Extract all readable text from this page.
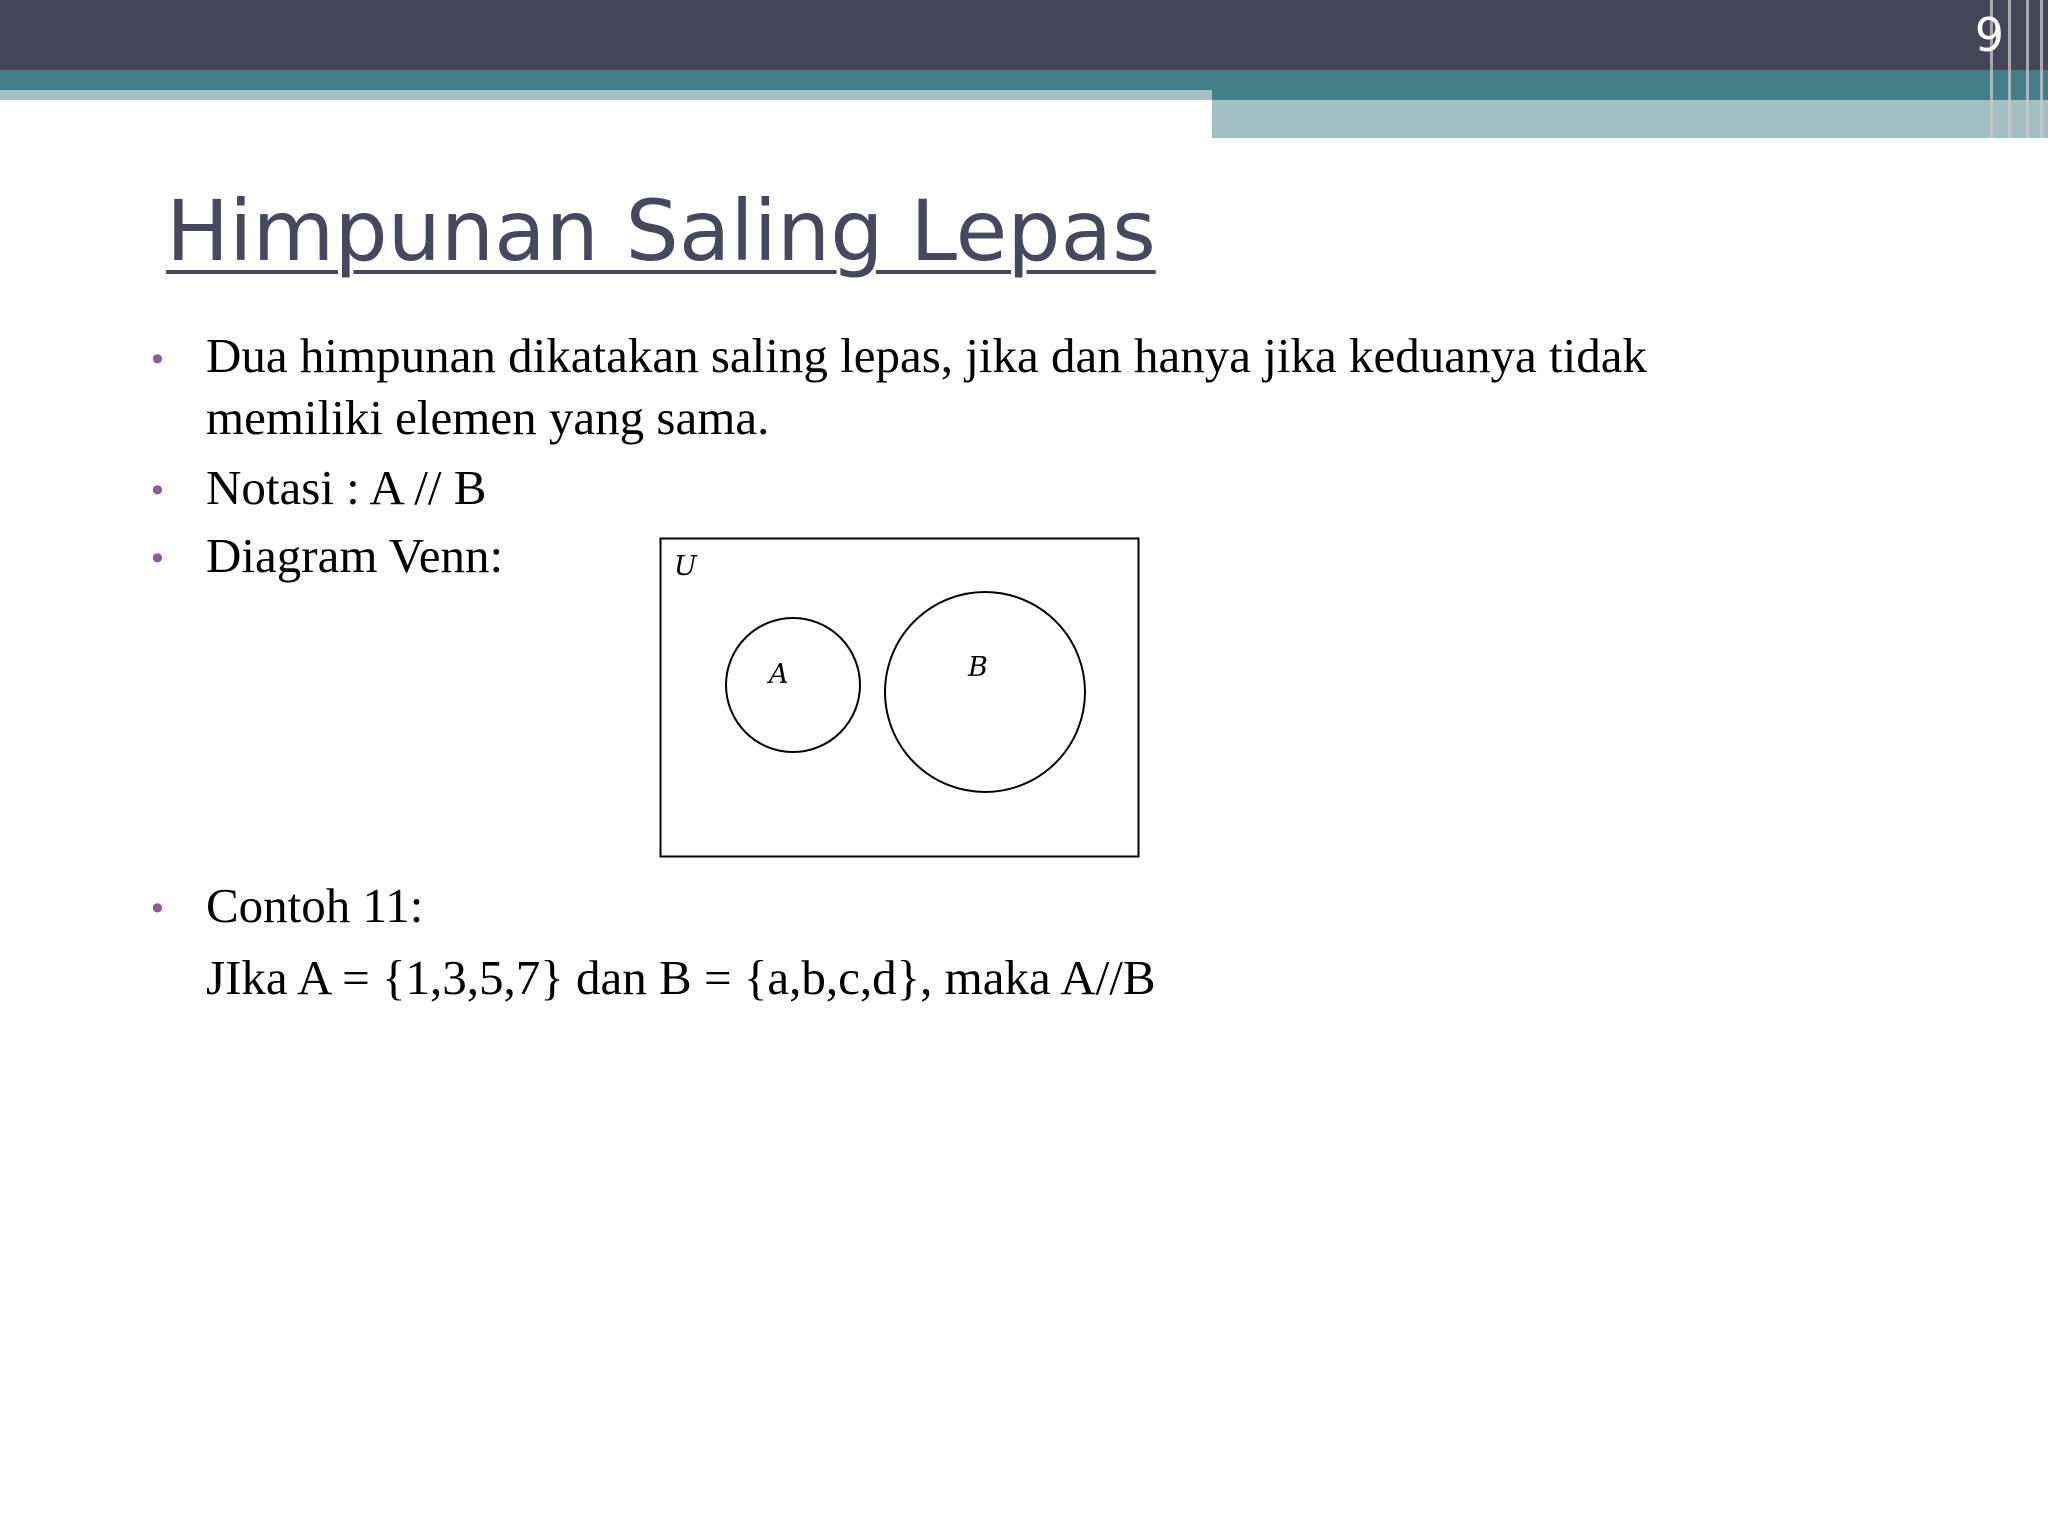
9
Himpunan Saling Lepas
• Dua himpunan dikatakan saling lepas, jika dan hanya jika keduanya tidak
memiliki elemen yang sama.
• Notasi : A // B
• Diagram Venn:	U
A	B
• Contoh 11:
JIka A = {1,3,5,7} dan B = {a,b,c,d}, maka A//B
